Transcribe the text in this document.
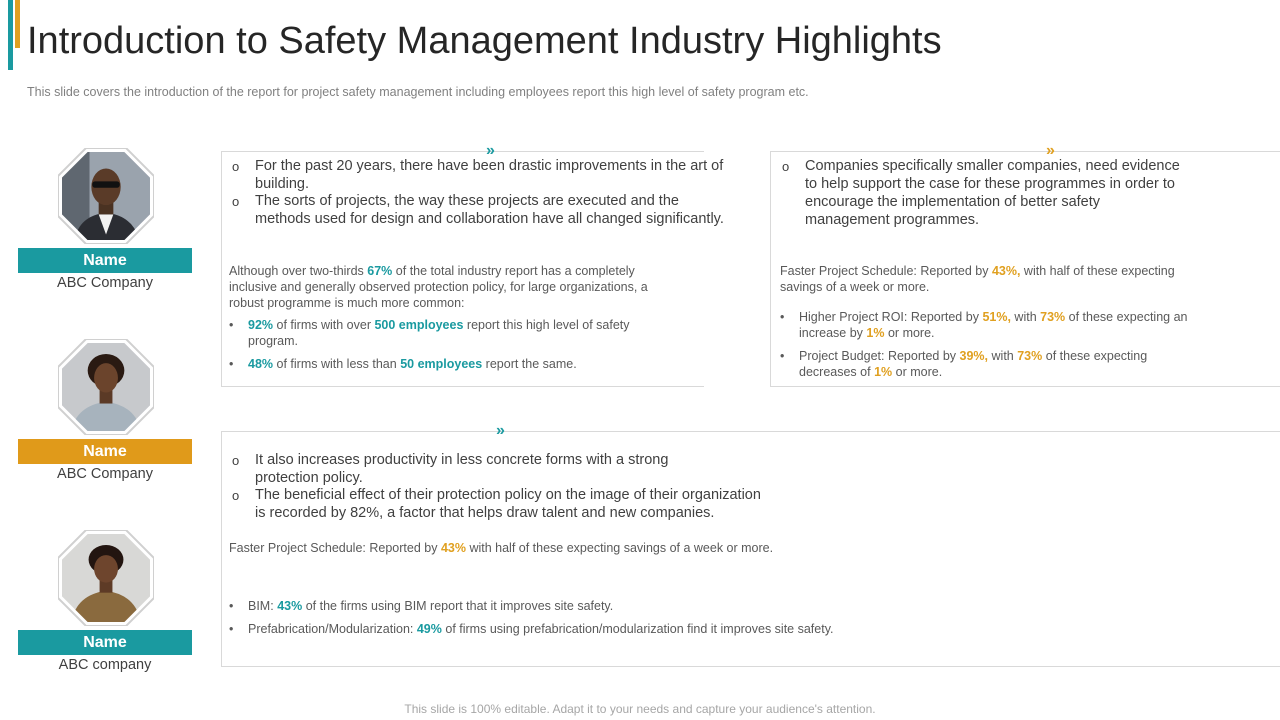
Introduction to Safety Management Industry Highlights
This slide covers the introduction of the report for project safety management including employees report this high level of safety program etc.
Name
ABC Company
Name
ABC Company
Name
ABC company
»
o	For the past 20 years, there have been drastic improvements in the art of building.
o	The sorts of projects, the way these projects are executed and the methods used for design and collaboration have all changed significantly.
Although over two-thirds 67% of the total industry report has a completely inclusive and generally observed protection policy, for large organizations, a robust programme is much more common:
•	92% of firms with over 500 employees report this high level of safety program.
•	48% of firms with less than 50 employees report the same.
»
o	Companies specifically smaller companies, need evidence to help support the case for these programmes in order to encourage the implementation of better safety management programmes.
Faster Project Schedule: Reported by 43%, with half of these expecting savings of a week or more.
•	Higher Project ROI: Reported by 51%, with 73% of these expecting an increase by 1% or more.
•	Project Budget: Reported by 39%, with 73% of these expecting decreases of 1% or more.
»
o	It also increases productivity in less concrete forms with a strong protection policy.
o	The beneficial effect of their protection policy on the image of their organization is recorded by 82%, a factor that helps draw talent and new companies.
Faster Project Schedule: Reported by 43% with half of these expecting savings of a week or more.
•	BIM: 43% of the firms using BIM report that it improves site safety.
•	Prefabrication/Modularization: 49% of firms using prefabrication/modularization find it improves site safety.
This slide is 100% editable. Adapt it to your needs and capture your audience's attention.
